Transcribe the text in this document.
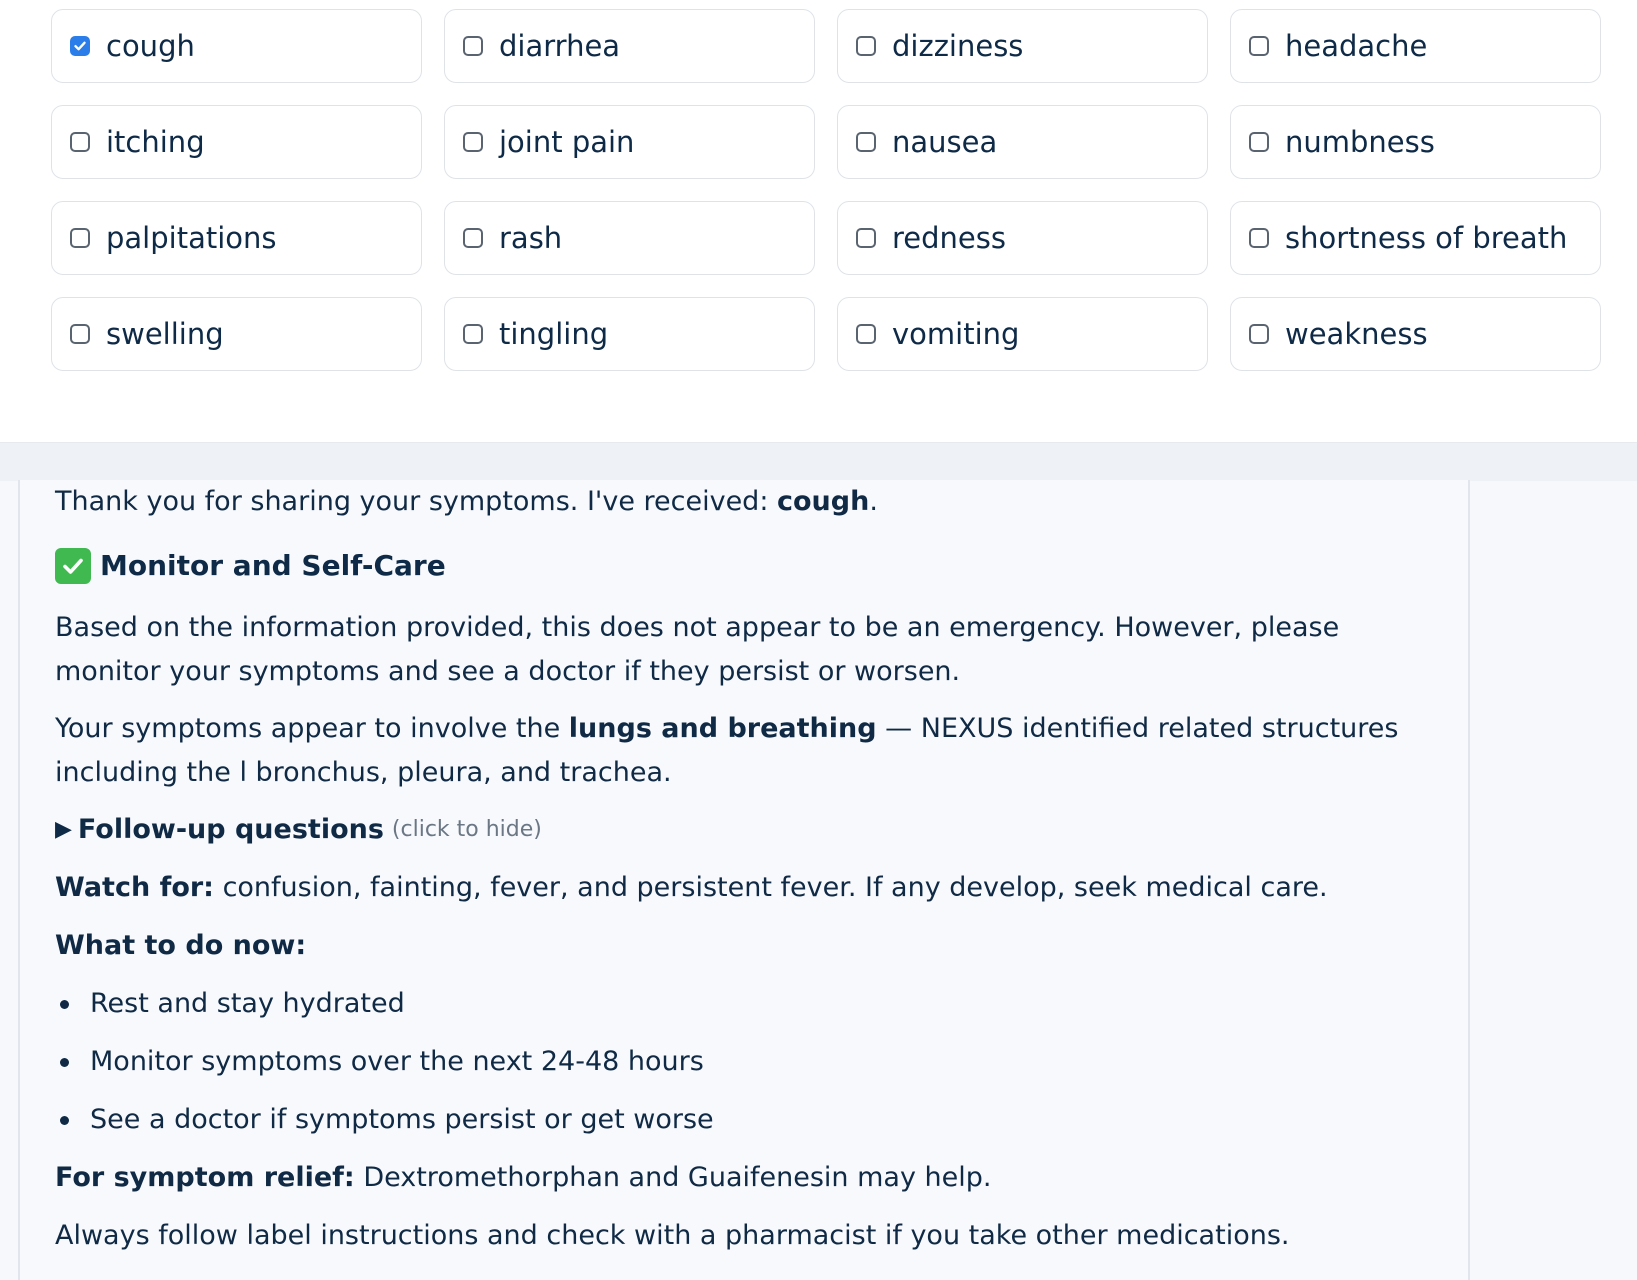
cough	diarrhea	dizziness	headache
itching	joint pain	nausea	numbness
palpitations	rash	redness	shortness of breath
swelling	tingling	vomiting	weakness

Thank you for sharing your symptoms. I've received: cough.

Monitor and Self-Care

Based on the information provided, this does not appear to be an emergency. However, please monitor your symptoms and see a doctor if they persist or worsen.

Your symptoms appear to involve the lungs and breathing — NEXUS identified related structures including the l bronchus, pleura, and trachea.

▶ Follow-up questions (click to hide)

Watch for: confusion, fainting, fever, and persistent fever. If any develop, seek medical care.

What to do now:

Rest and stay hydrated
Monitor symptoms over the next 24-48 hours
See a doctor if symptoms persist or get worse

For symptom relief: Dextromethorphan and Guaifenesin may help.

Always follow label instructions and check with a pharmacist if you take other medications.
